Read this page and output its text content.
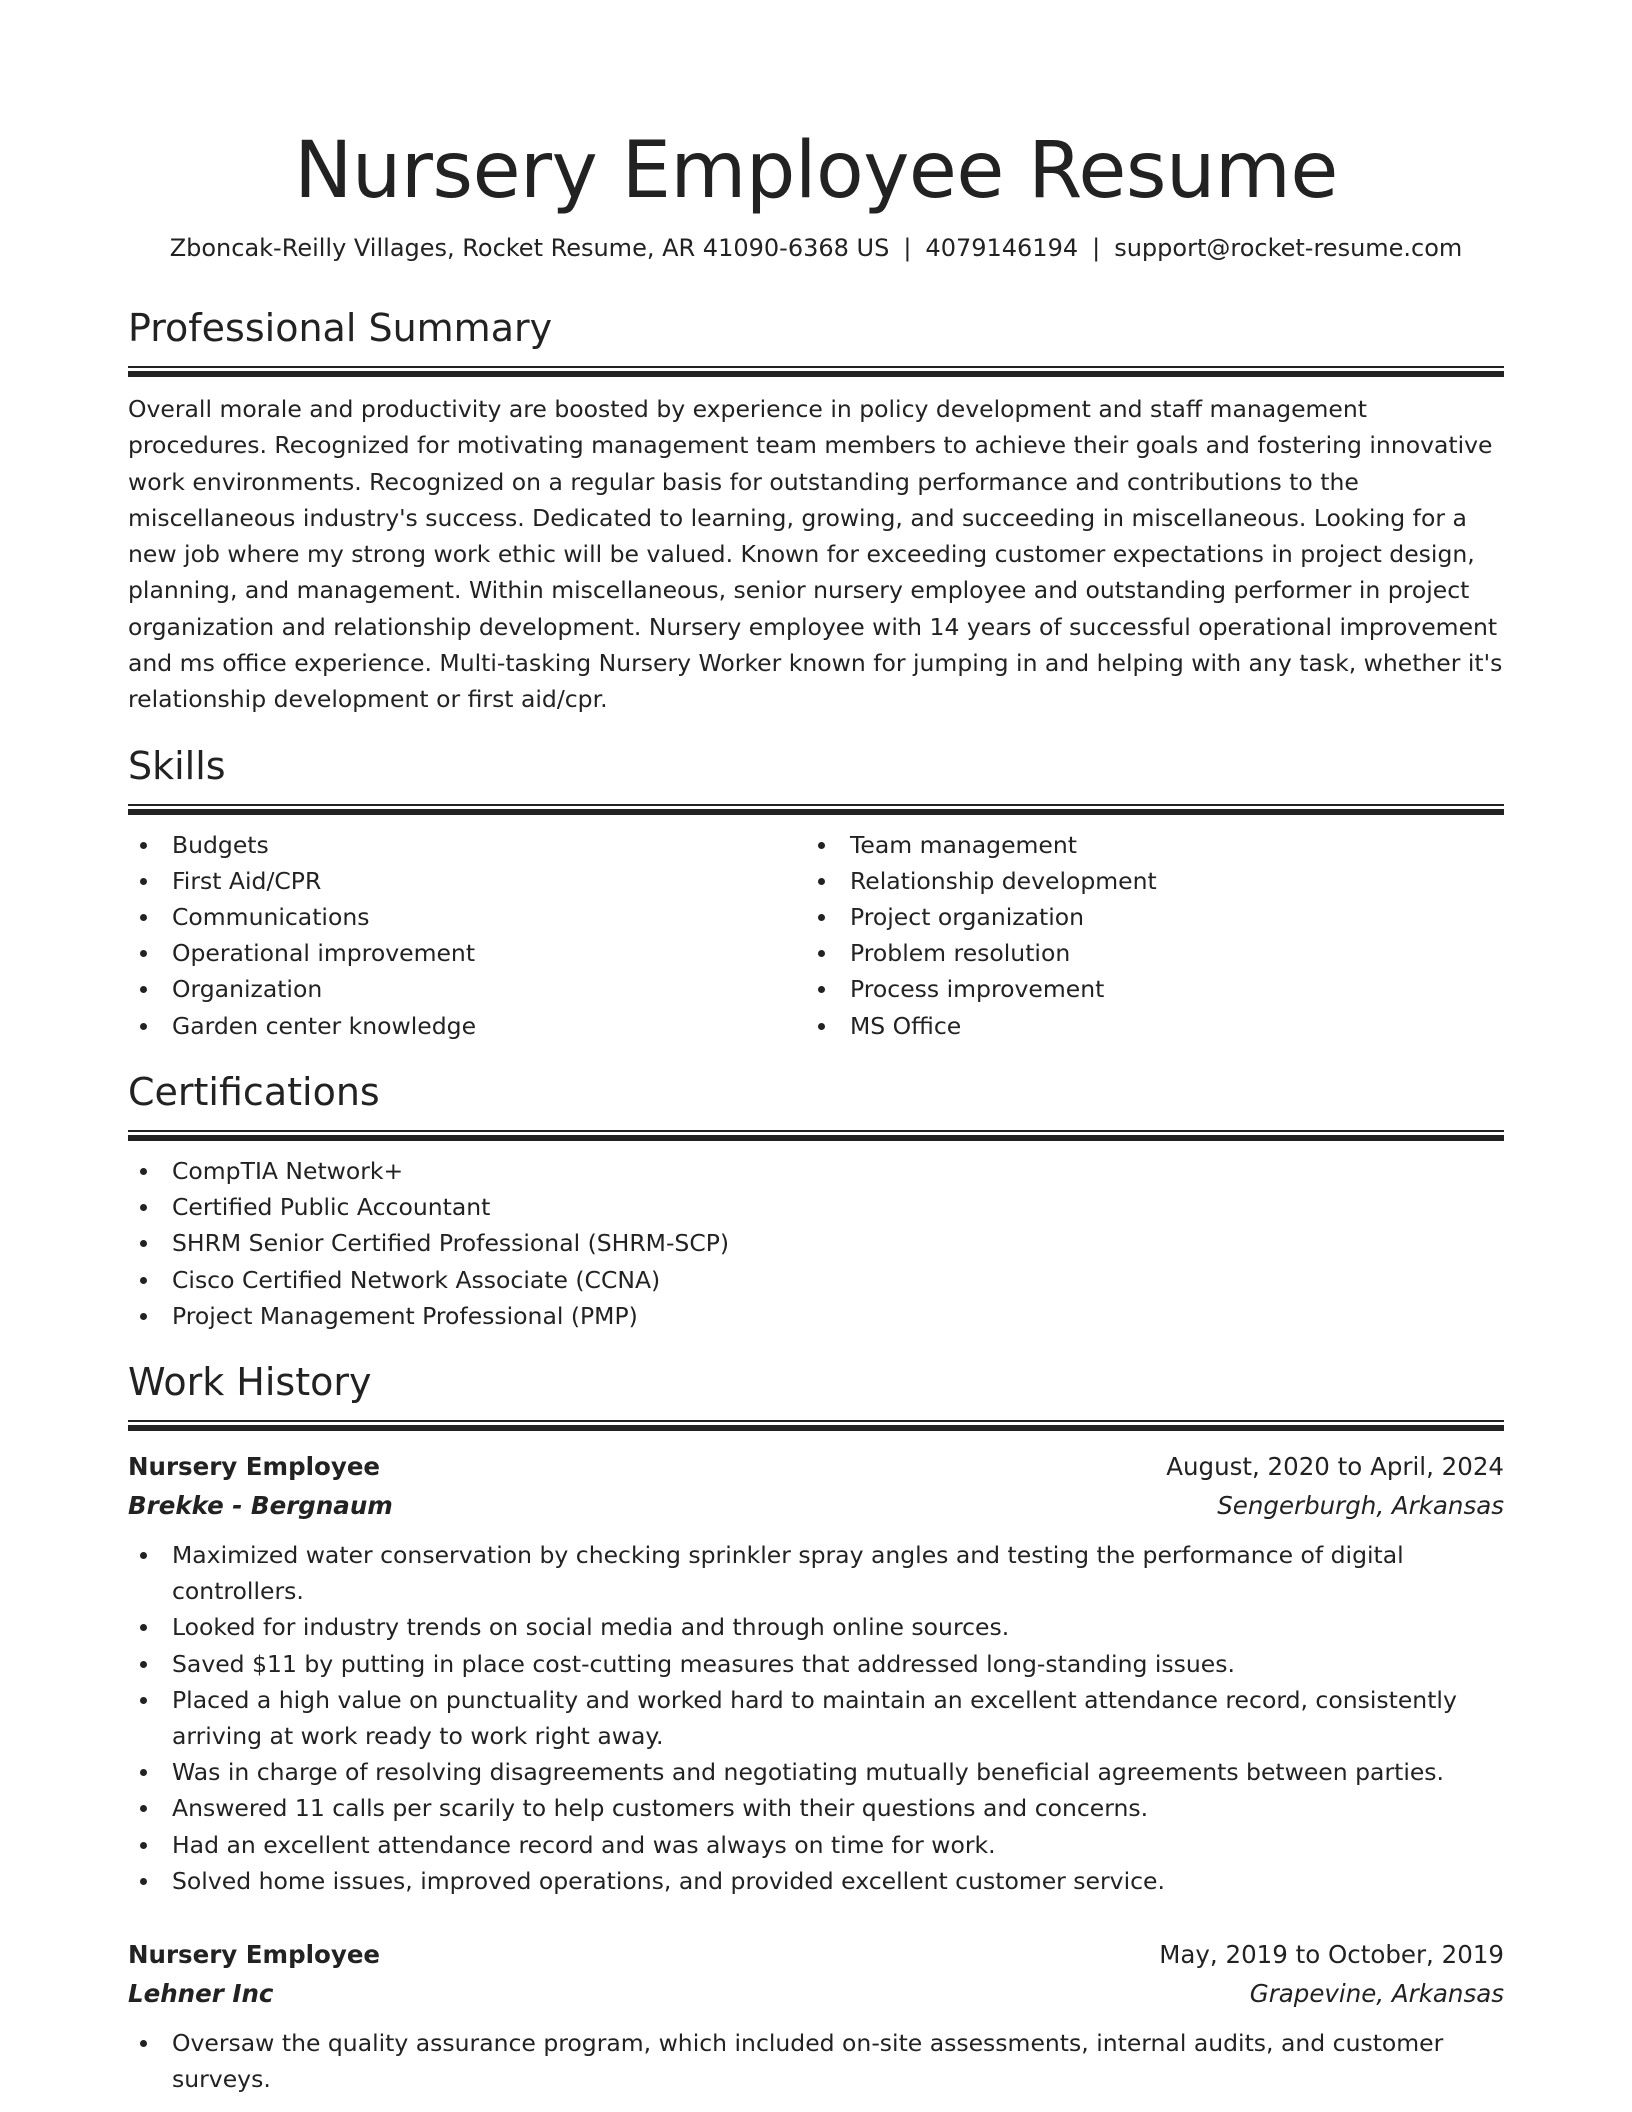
Nursery Employee Resume
Zboncak-Reilly Villages, Rocket Resume, AR 41090-6368 US | 4079146194 | support@rocket-resume.com
Professional Summary
Overall morale and productivity are boosted by experience in policy development and staff management procedures. Recognized for motivating management team members to achieve their goals and fostering innovative work environments. Recognized on a regular basis for outstanding performance and contributions to the miscellaneous industry's success. Dedicated to learning, growing, and succeeding in miscellaneous. Looking for a new job where my strong work ethic will be valued. Known for exceeding customer expectations in project design, planning, and management. Within miscellaneous, senior nursery employee and outstanding performer in project organization and relationship development. Nursery employee with 14 years of successful operational improvement and ms office experience. Multi-tasking Nursery Worker known for jumping in and helping with any task, whether it's relationship development or first aid/cpr.
Skills
Budgets
First Aid/CPR
Communications
Operational improvement
Organization
Garden center knowledge
Team management
Relationship development
Project organization
Problem resolution
Process improvement
MS Office
Certifications
CompTIA Network+
Certified Public Accountant
SHRM Senior Certified Professional (SHRM-SCP)
Cisco Certified Network Associate (CCNA)
Project Management Professional (PMP)
Work History
Nursery Employee	August, 2020 to April, 2024
Brekke - Bergnaum	Sengerburgh, Arkansas
Maximized water conservation by checking sprinkler spray angles and testing the performance of digital controllers.
Looked for industry trends on social media and through online sources.
Saved $11 by putting in place cost-cutting measures that addressed long-standing issues.
Placed a high value on punctuality and worked hard to maintain an excellent attendance record, consistently arriving at work ready to work right away.
Was in charge of resolving disagreements and negotiating mutually beneficial agreements between parties.
Answered 11 calls per scarily to help customers with their questions and concerns.
Had an excellent attendance record and was always on time for work.
Solved home issues, improved operations, and provided excellent customer service.
Nursery Employee	May, 2019 to October, 2019
Lehner Inc	Grapevine, Arkansas
Oversaw the quality assurance program, which included on-site assessments, internal audits, and customer surveys.
